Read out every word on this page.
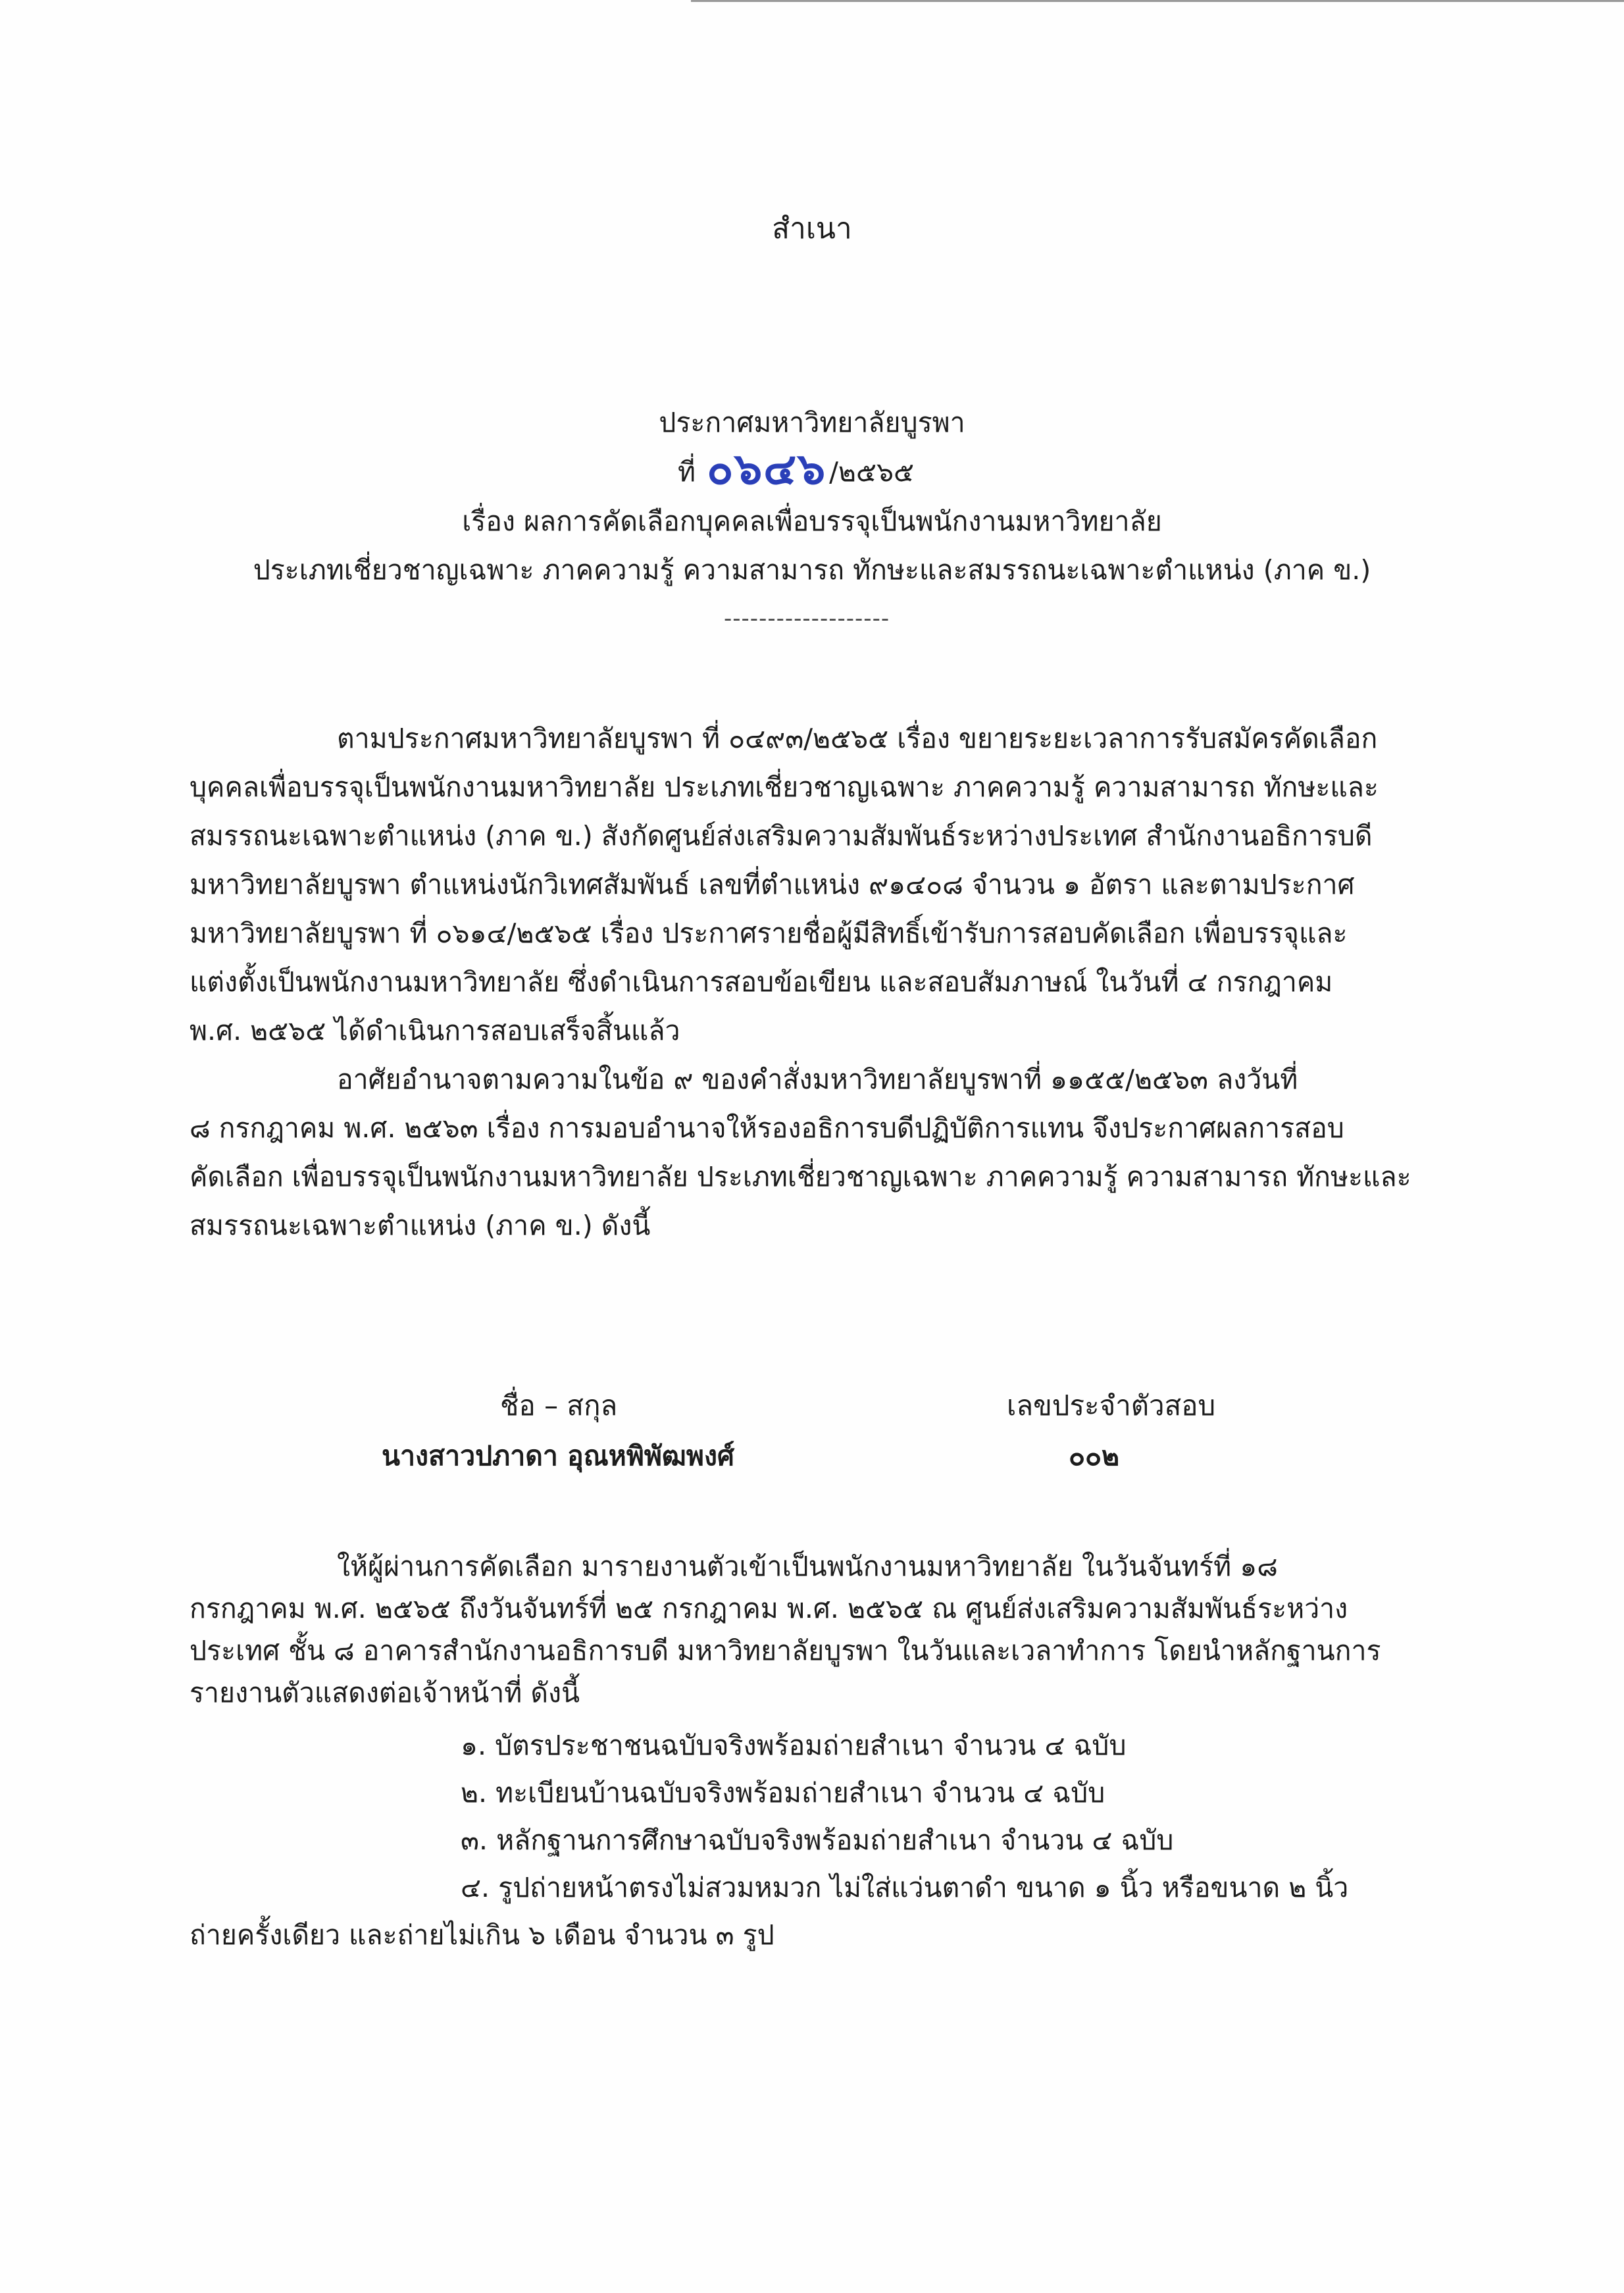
สำเนา
ประกาศมหาวิทยาลัยบูรพา
ที่ ๐๖๔๖/๒๕๖๕
เรื่อง ผลการคัดเลือกบุคคลเพื่อบรรจุเป็นพนักงานมหาวิทยาลัย
ประเภทเชี่ยวชาญเฉพาะ ภาคความรู้ ความสามารถ ทักษะและสมรรถนะเฉพาะตำแหน่ง (ภาค ข.)
-------------------
ตามประกาศมหาวิทยาลัยบูรพา ที่ ๐๔๙๓/๒๕๖๕ เรื่อง ขยายระยะเวลาการรับสมัครคัดเลือก
บุคคลเพื่อบรรจุเป็นพนักงานมหาวิทยาลัย ประเภทเชี่ยวชาญเฉพาะ ภาคความรู้ ความสามารถ ทักษะและ
สมรรถนะเฉพาะตำแหน่ง (ภาค ข.) สังกัดศูนย์ส่งเสริมความสัมพันธ์ระหว่างประเทศ สำนักงานอธิการบดี
มหาวิทยาลัยบูรพา ตำแหน่งนักวิเทศสัมพันธ์ เลขที่ตำแหน่ง ๙๑๔๐๘ จำนวน ๑ อัตรา และตามประกาศ
มหาวิทยาลัยบูรพา ที่ ๐๖๑๔/๒๕๖๕ เรื่อง ประกาศรายชื่อผู้มีสิทธิ์เข้ารับการสอบคัดเลือก เพื่อบรรจุและ
แต่งตั้งเป็นพนักงานมหาวิทยาลัย ซึ่งดำเนินการสอบข้อเขียน และสอบสัมภาษณ์ ในวันที่ ๔ กรกฎาคม
พ.ศ. ๒๕๖๕ ได้ดำเนินการสอบเสร็จสิ้นแล้ว
อาศัยอำนาจตามความในข้อ ๙ ของคำสั่งมหาวิทยาลัยบูรพาที่ ๑๑๕๕/๒๕๖๓ ลงวันที่
๘ กรกฎาคม พ.ศ. ๒๕๖๓ เรื่อง การมอบอำนาจให้รองอธิการบดีปฏิบัติการแทน จึงประกาศผลการสอบ
คัดเลือก เพื่อบรรจุเป็นพนักงานมหาวิทยาลัย ประเภทเชี่ยวชาญเฉพาะ ภาคความรู้ ความสามารถ ทักษะและ
สมรรถนะเฉพาะตำแหน่ง (ภาค ข.) ดังนี้
ชื่อ – สกุล	เลขประจำตัวสอบ
นางสาวปภาดา อุณหพิพัฒพงศ์	๐๐๒
ให้ผู้ผ่านการคัดเลือก มารายงานตัวเข้าเป็นพนักงานมหาวิทยาลัย ในวันจันทร์ที่ ๑๘
กรกฎาคม พ.ศ. ๒๕๖๕ ถึงวันจันทร์ที่ ๒๕ กรกฎาคม พ.ศ. ๒๕๖๕ ณ ศูนย์ส่งเสริมความสัมพันธ์ระหว่าง
ประเทศ ชั้น ๘ อาคารสำนักงานอธิการบดี มหาวิทยาลัยบูรพา ในวันและเวลาทำการ โดยนำหลักฐานการ
รายงานตัวแสดงต่อเจ้าหน้าที่ ดังนี้
๑. บัตรประชาชนฉบับจริงพร้อมถ่ายสำเนา จำนวน ๔ ฉบับ
๒. ทะเบียนบ้านฉบับจริงพร้อมถ่ายสำเนา จำนวน ๔ ฉบับ
๓. หลักฐานการศึกษาฉบับจริงพร้อมถ่ายสำเนา จำนวน ๔ ฉบับ
๔. รูปถ่ายหน้าตรงไม่สวมหมวก ไม่ใส่แว่นตาดำ ขนาด ๑ นิ้ว หรือขนาด ๒ นิ้ว
ถ่ายครั้งเดียว และถ่ายไม่เกิน ๖ เดือน จำนวน ๓ รูป
